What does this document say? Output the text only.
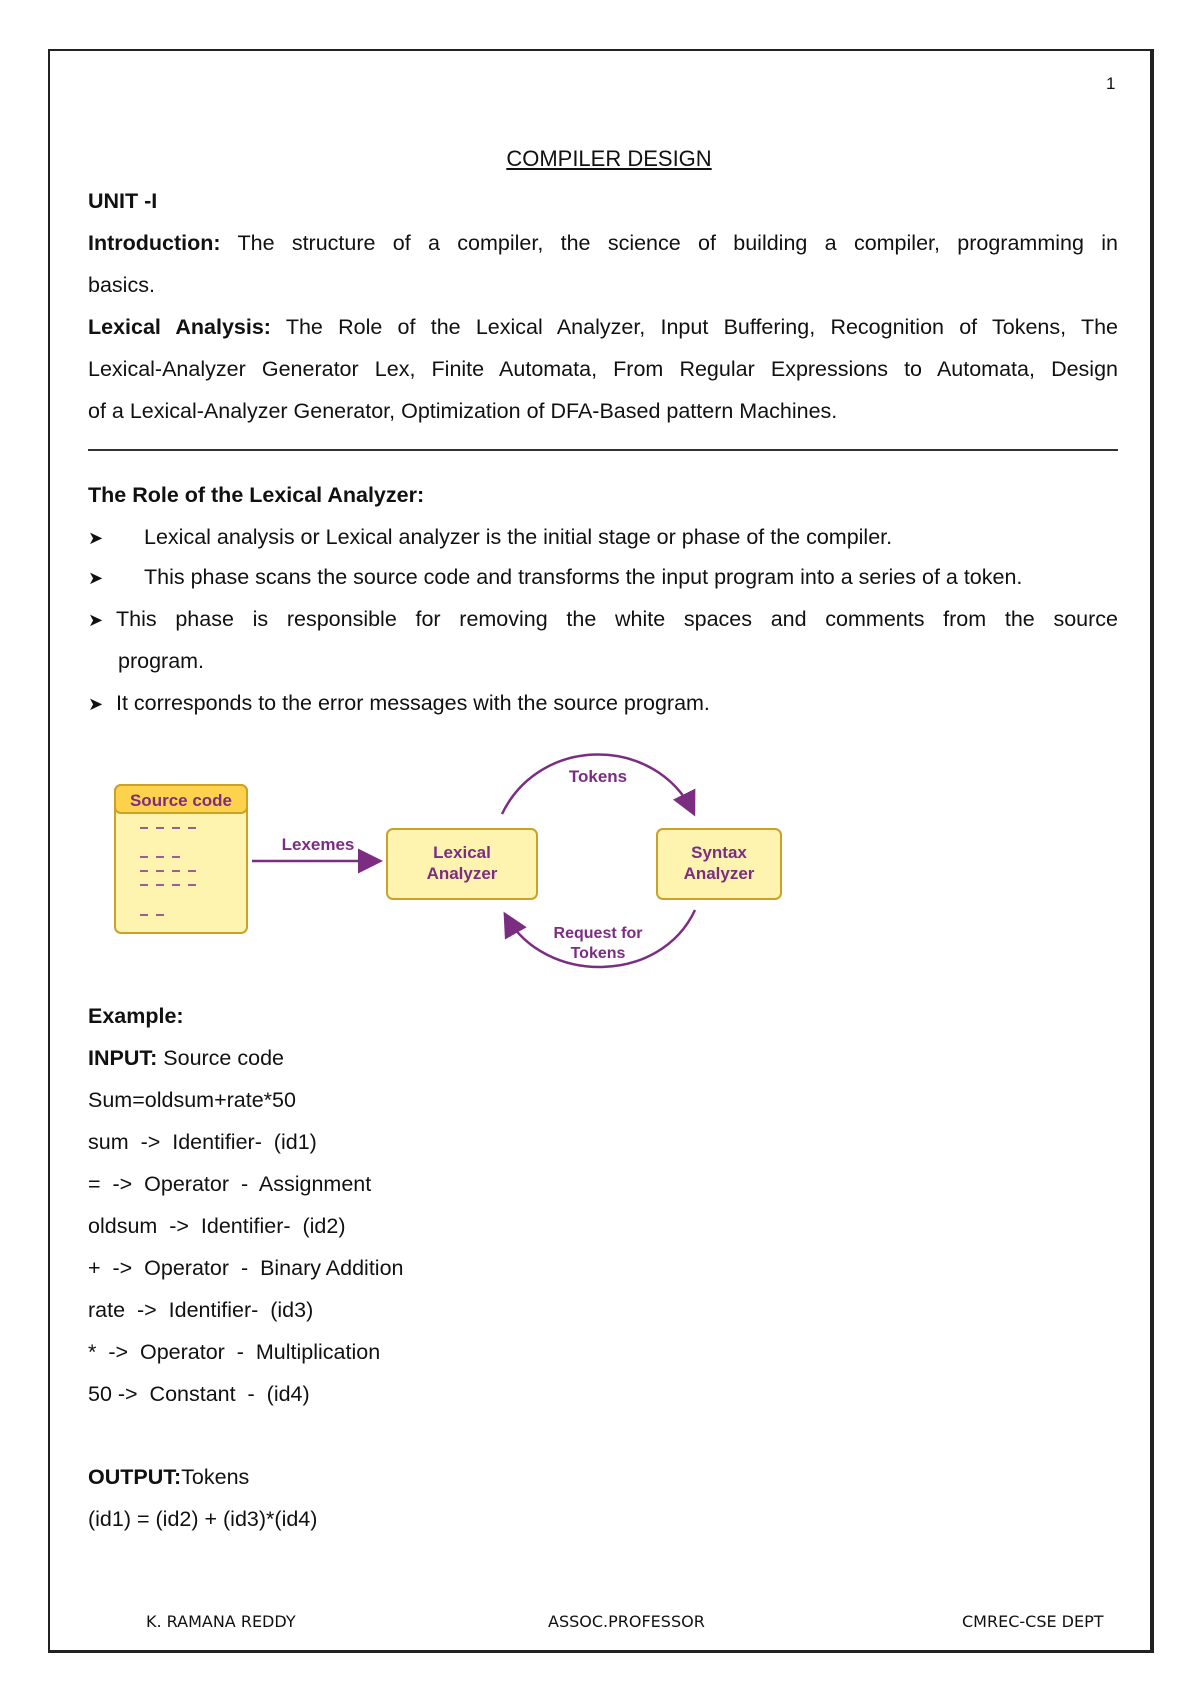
1
COMPILER DESIGN
UNIT -I
Introduction: The structure of a compiler, the science of building a compiler, programming in
basics.
Lexical Analysis: The Role of the Lexical Analyzer, Input Buffering, Recognition of Tokens, The
Lexical-Analyzer Generator Lex, Finite Automata, From Regular Expressions to Automata, Design
of a Lexical-Analyzer Generator, Optimization of DFA-Based pattern Machines.
The Role of the Lexical Analyzer:
➤ Lexical analysis or Lexical analyzer is the initial stage or phase of the compiler.
➤ This phase scans the source code and transforms the input program into a series of a token.
➤ This phase is responsible for removing the white spaces and comments from the source
program.
➤ It corresponds to the error messages with the source program.
Source code
Lexemes	Lexical
Analyzer
Syntax
Analyzer
Tokens
Request for
Tokens
Example:
INPUT: Source code
Sum=oldsum+rate*50
sum  ->  Identifier-  (id1)
=  ->  Operator  -  Assignment
oldsum  ->  Identifier-  (id2)
+  ->  Operator  -  Binary Addition
rate  ->  Identifier-  (id3)
*  ->  Operator  -  Multiplication
50 ->  Constant  -  (id4)
OUTPUT:Tokens
(id1) = (id2) + (id3)*(id4)
K. RAMANA REDDY	ASSOC.PROFESSOR	CMREC-CSE DEPT
